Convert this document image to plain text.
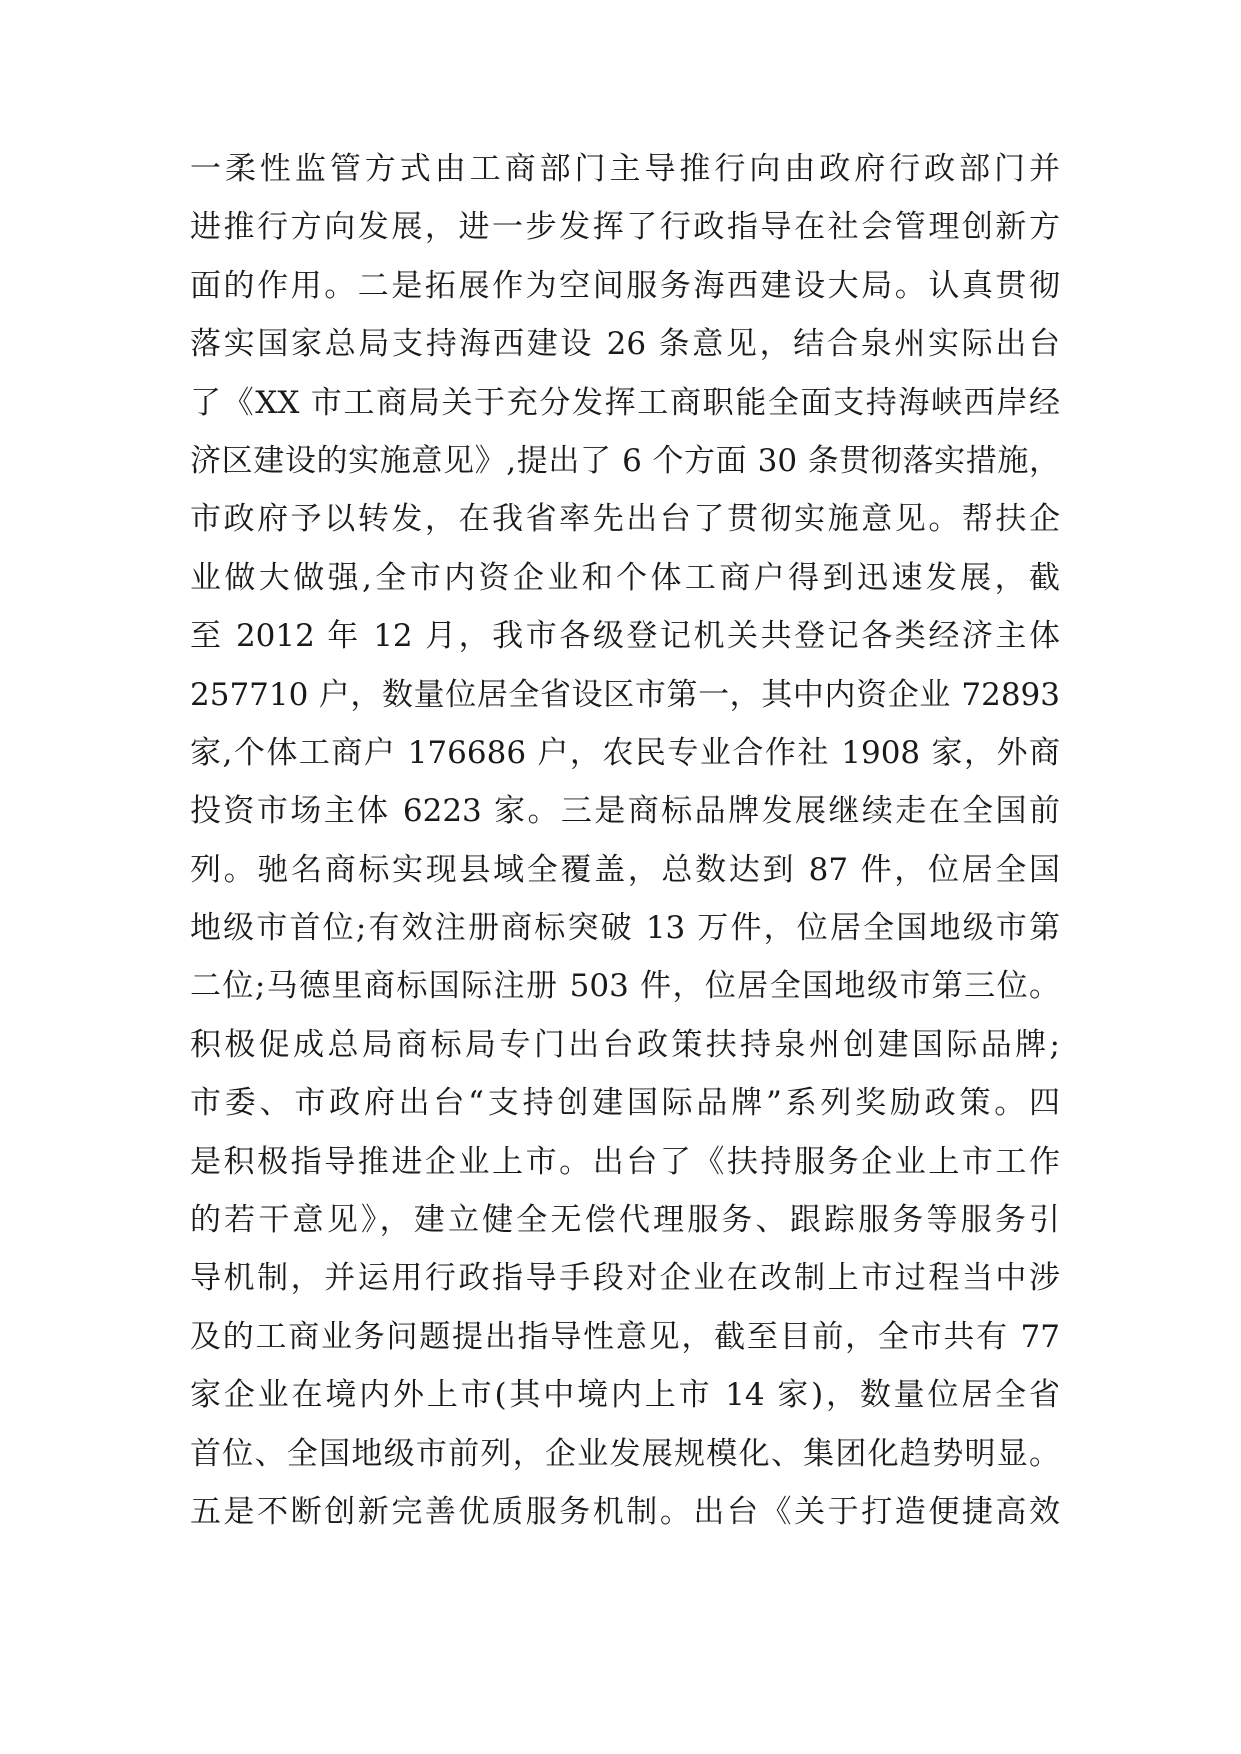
一柔性监管方式由工商部门主导推行向由政府行政部门并
进推行方向发展，进一步发挥了行政指导在社会管理创新方
面的作用。二是拓展作为空间服务海西建设大局。认真贯彻
落实国家总局支持海西建设 26 条意见，结合泉州实际出台
了《XX 市工商局关于充分发挥工商职能全面支持海峡西岸经
济区建设的实施意见》,提出了 6 个方面 30 条贯彻落实措施，
市政府予以转发，在我省率先出台了贯彻实施意见。帮扶企
业做大做强,全市内资企业和个体工商户得到迅速发展，截
至 2012 年 12 月，我市各级登记机关共登记各类经济主体
257710 户，数量位居全省设区市第一，其中内资企业 72893
家,个体工商户 176686 户，农民专业合作社 1908 家，外商
投资市场主体 6223 家。三是商标品牌发展继续走在全国前
列。驰名商标实现县域全覆盖，总数达到 87 件，位居全国
地级市首位;有效注册商标突破 13 万件，位居全国地级市第
二位;马德里商标国际注册 503 件，位居全国地级市第三位。
积极促成总局商标局专门出台政策扶持泉州创建国际品牌;
市委、市政府出台“支持创建国际品牌”系列奖励政策。四
是积极指导推进企业上市。出台了《扶持服务企业上市工作
的若干意见》，建立健全无偿代理服务、跟踪服务等服务引
导机制，并运用行政指导手段对企业在改制上市过程当中涉
及的工商业务问题提出指导性意见，截至目前，全市共有 77
家企业在境内外上市(其中境内上市 14 家)，数量位居全省
首位、全国地级市前列，企业发展规模化、集团化趋势明显。
五是不断创新完善优质服务机制。出台《关于打造便捷高效
